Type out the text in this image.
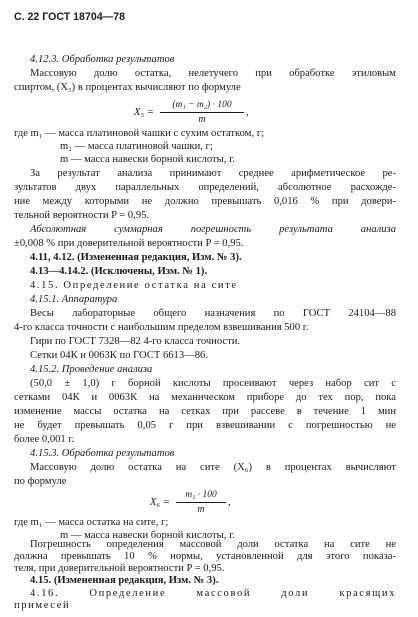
С. 22 ГОСТ 18704—78
4.12.3. Обработка результатов
Массовую долю остатка, нелетучего при обработке этиловым
спиртом, (X₅) в процентах вычисляют по формуле
$X_5 = \frac{\text{(m₁ − m₂) · 100}}{m}$ ,
где m₁ — масса платиновой чашки с сухим остатком, г;
m₂ — масса платиновой чашки, г;
m — масса навески борной кислоты, г.
За результат анализа принимают среднее арифметическое ре-
зультатов двух параллельных определений, абсолютное расхожде-
ние между которыми не должно превышать 0,016 % при довери-
тельной вероятности P = 0,95.
Абсолютная суммарная погрешность результата анализа
±0,008 % при доверительной вероятности P = 0,95.
4.11, 4.12. (Измененная редакция, Изм. № 3).
4.13—4.14.2. (Исключены, Изм. № 1).
4.15. Определение остатка на сите
4.15.1. Аппаратура
Весы лабораторные общего назначения по ГОСТ 24104—88
4-го класса точности с наибольшим пределом взвешивания 500 г.
Гири по ГОСТ 7328—82 4-го класса точности.
Сетки 04К и 0063К по ГОСТ 6613—86.
4.15.2. Проведение анализа
(50,0 ± 1,0) г борной кислоты просеивают через набор сит с
сетками 04К и 0063К на механическом приборе до тех пор, пока
изменение массы остатка на сетках при рассеве в течение 1 мин
не будет превышать 0,05 г при взвешивании с погрешностью не
более 0,001 г.
4.15.3. Обработка результатов
Массовую долю остатка на сите (X₆) в процентах вычисляют
по формуле
$X_6 = \frac{\text{m₁ · 100}}{m}$ ,
где m₁ — масса остатка на сите, г;
m — масса навески борной кислоты, г.
Погрешность определения массовой доли остатка на сите не
должна превышать 10 % нормы, установленной для этого показа-
теля, при доверительной вероятности P = 0,95.
4.15. (Измененная редакция, Изм. № 3).
4.16. Определение массовой доли красящих
примесей
